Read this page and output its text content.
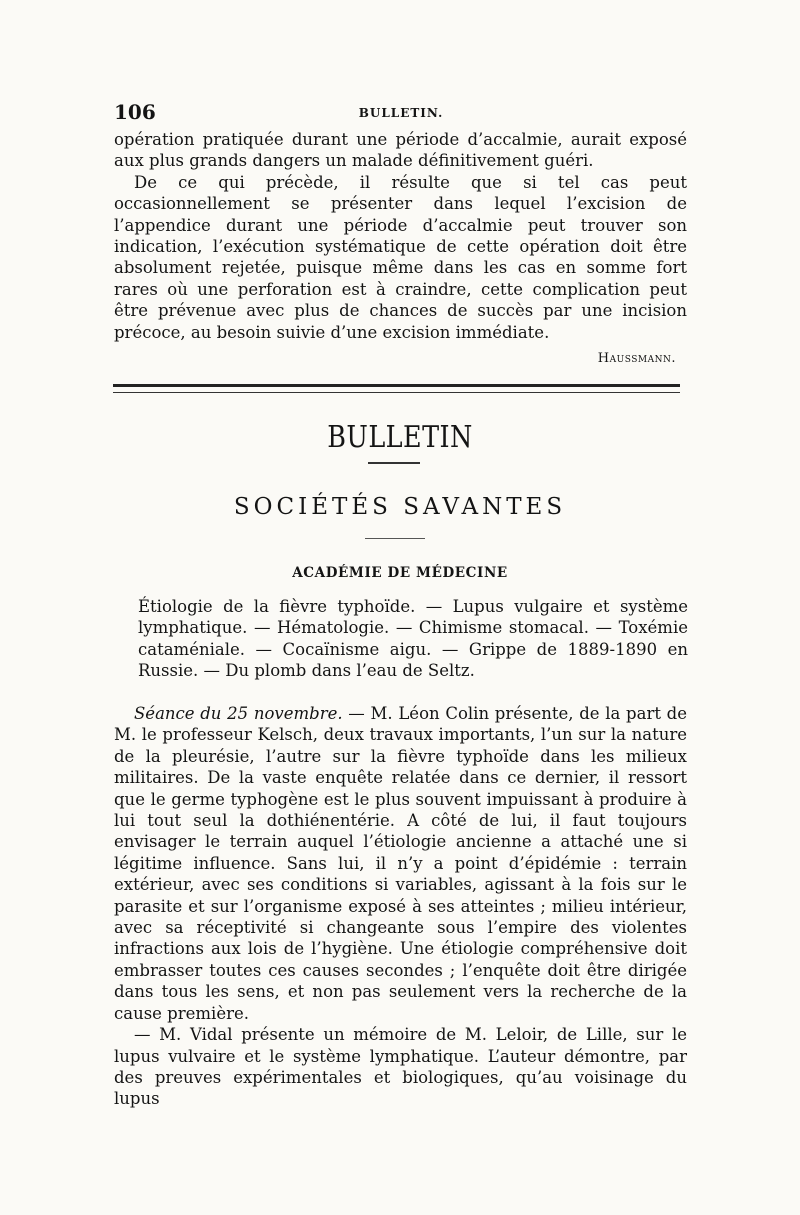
106	BULLETIN.

opération pratiquée durant une période d’accalmie, aurait exposé aux plus grands dangers un malade définitivement guéri.

De ce qui précède, il résulte que si tel cas peut occasionnellement se présenter dans lequel l’excision de l’appendice durant une période d’accalmie peut trouver son indication, l’exécution systématique de cette opération doit être absolument rejetée, puisque même dans les cas en somme fort rares où une perforation est à craindre, cette complication peut être prévenue avec plus de chances de succès par une incision précoce, au besoin suivie d’une excision immédiate.

Haussmann.
BULLETIN
SOCIÉTÉS SAVANTES
ACADÉMIE DE MÉDECINE

Étiologie de la fièvre typhoïde. — Lupus vulgaire et système lymphatique. — Hématologie. — Chimisme stomacal. — Toxémie cataméniale. — Cocaïnisme aigu. — Grippe de 1889-1890 en Russie. — Du plomb dans l’eau de Seltz.

Séance du 25 novembre. — M. Léon Colin présente, de la part de M. le professeur Kelsch, deux travaux importants, l’un sur la nature de la pleurésie, l’autre sur la fièvre typhoïde dans les milieux militaires. De la vaste enquête relatée dans ce dernier, il ressort que le germe typhogène est le plus souvent impuissant à produire à lui tout seul la dothiénentérie. A côté de lui, il faut toujours envisager le terrain auquel l’étiologie ancienne a attaché une si légitime influence. Sans lui, il n’y a point d’épidémie : terrain extérieur, avec ses conditions si variables, agissant à la fois sur le parasite et sur l’organisme exposé à ses atteintes ; milieu intérieur, avec sa réceptivité si changeante sous l’empire des violentes infractions aux lois de l’hygiène. Une étiologie compréhensive doit embrasser toutes ces causes secondes ; l’enquête doit être dirigée dans tous les sens, et non pas seulement vers la recherche de la cause première.

— M. Vidal présente un mémoire de M. Leloir, de Lille, sur le lupus vulvaire et le système lymphatique. L’auteur démontre, par des preuves expérimentales et biologiques, qu’au voisinage du lupus
